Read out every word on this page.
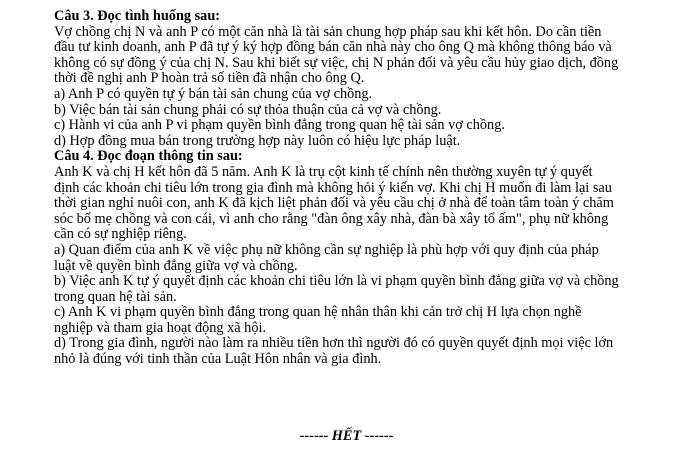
Câu 3. Đọc tình huống sau:
Vợ chồng chị N và anh P có một căn nhà là tài sản chung hợp pháp sau khi kết hôn. Do cần tiền
đầu tư kinh doanh, anh P đã tự ý ký hợp đồng bán căn nhà này cho ông Q mà không thông báo và
không có sự đồng ý của chị N. Sau khi biết sự việc, chị N phản đối và yêu cầu hủy giao dịch, đồng
thời đề nghị anh P hoàn trả số tiền đã nhận cho ông Q.
a) Anh P có quyền tự ý bán tài sản chung của vợ chồng.
b) Việc bán tài sản chung phải có sự thỏa thuận của cả vợ và chồng.
c) Hành vi của anh P vi phạm quyền bình đẳng trong quan hệ tài sản vợ chồng.
d) Hợp đồng mua bán trong trường hợp này luôn có hiệu lực pháp luật.
Câu 4. Đọc đoạn thông tin sau:
Anh K và chị H kết hôn đã 5 năm. Anh K là trụ cột kinh tế chính nên thường xuyên tự ý quyết
định các khoản chi tiêu lớn trong gia đình mà không hỏi ý kiến vợ. Khi chị H muốn đi làm lại sau
thời gian nghỉ nuôi con, anh K đã kịch liệt phản đối và yêu cầu chị ở nhà để toàn tâm toàn ý chăm
sóc bố mẹ chồng và con cái, vì anh cho rằng "đàn ông xây nhà, đàn bà xây tổ ấm", phụ nữ không
cần có sự nghiệp riêng.
a) Quan điểm của anh K về việc phụ nữ không cần sự nghiệp là phù hợp với quy định của pháp
luật về quyền bình đẳng giữa vợ và chồng.
b) Việc anh K tự ý quyết định các khoản chi tiêu lớn là vi phạm quyền bình đẳng giữa vợ và chồng
trong quan hệ tài sản.
c) Anh K vi phạm quyền bình đẳng trong quan hệ nhân thân khi cản trở chị H lựa chọn nghề
nghiệp và tham gia hoạt động xã hội.
d) Trong gia đình, người nào làm ra nhiều tiền hơn thì người đó có quyền quyết định mọi việc lớn
nhỏ là đúng với tinh thần của Luật Hôn nhân và gia đình.
------ HẾT ------
